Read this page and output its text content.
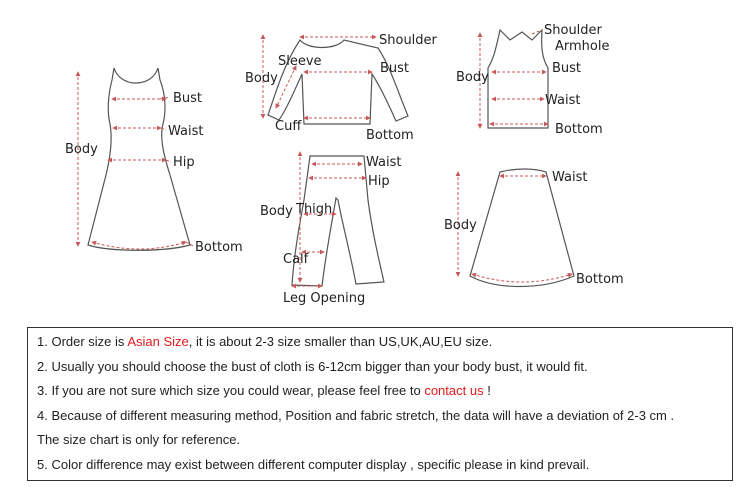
Body
Bust
Waist
Hip
Bottom
Sleeve
Shoulder
Body
Bust
Cuff
Bottom
Shoulder
Armhole
Body
Bust
Waist
Bottom
Waist
Hip
Body Thigh
Calf
Leg Opening
Waist
Body
Bottom
1. Order size is Asian Size, it is about 2-3 size smaller than US,UK,AU,EU size.
2. Usually you should choose the bust of cloth is 6-12cm bigger than your body bust, it would fit.
3. If you are not sure which size you could wear, please feel free to contact us !
4. Because of different measuring method, Position and fabric stretch, the data will have a deviation of 2-3 cm .
The size chart is only for reference.
5. Color difference may exist between different computer display , specific please in kind prevail.
